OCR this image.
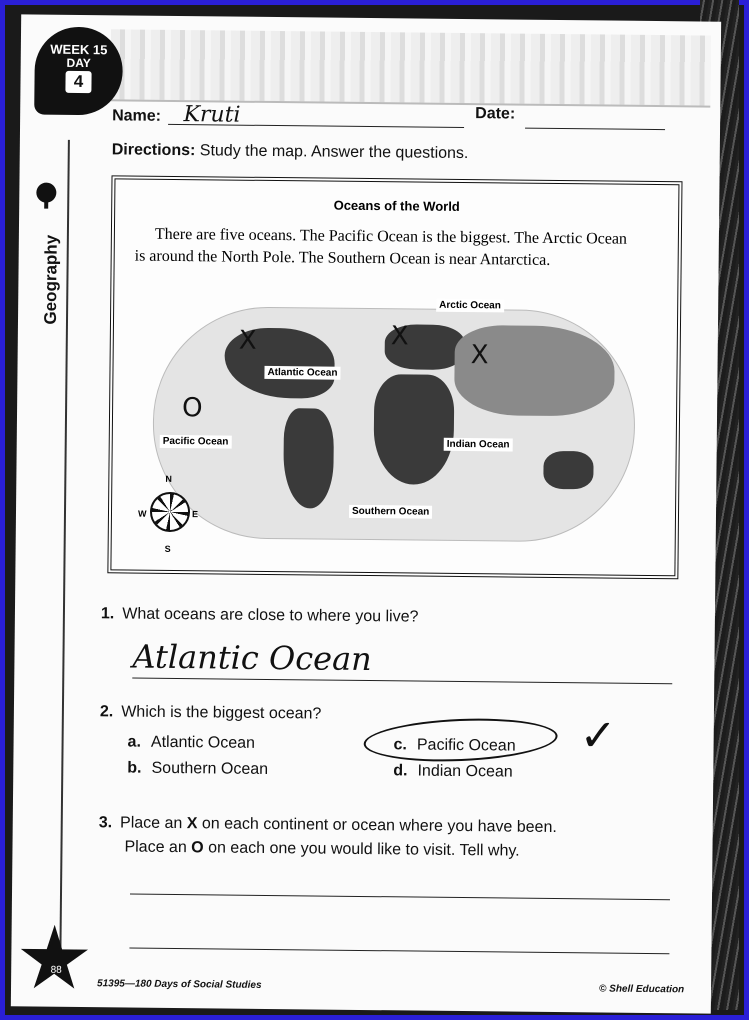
WEEK 15
DAY
4
Geography
Name: Kruti	Date:
Directions: Study the map. Answer the questions.
Oceans of the World
There are five oceans. The Pacific Ocean is the biggest. The Arctic Ocean is around the North Pole. The Southern Ocean is near Antarctica.
Atlantic Ocean
Pacific Ocean	Indian Ocean
Southern Ocean
X	X
X
O
Arctic Ocean
N
S
W	E
1. What oceans are close to where you live?
Atlantic Ocean
2. Which is the biggest ocean?
a. Atlantic Ocean
b. Southern Ocean
c. Pacific Ocean
d. Indian Ocean
✓
3. Place an X on each continent or ocean where you have been.
Place an O on each one you would like to visit. Tell why.
88
51395—180 Days of Social Studies	© Shell Education
